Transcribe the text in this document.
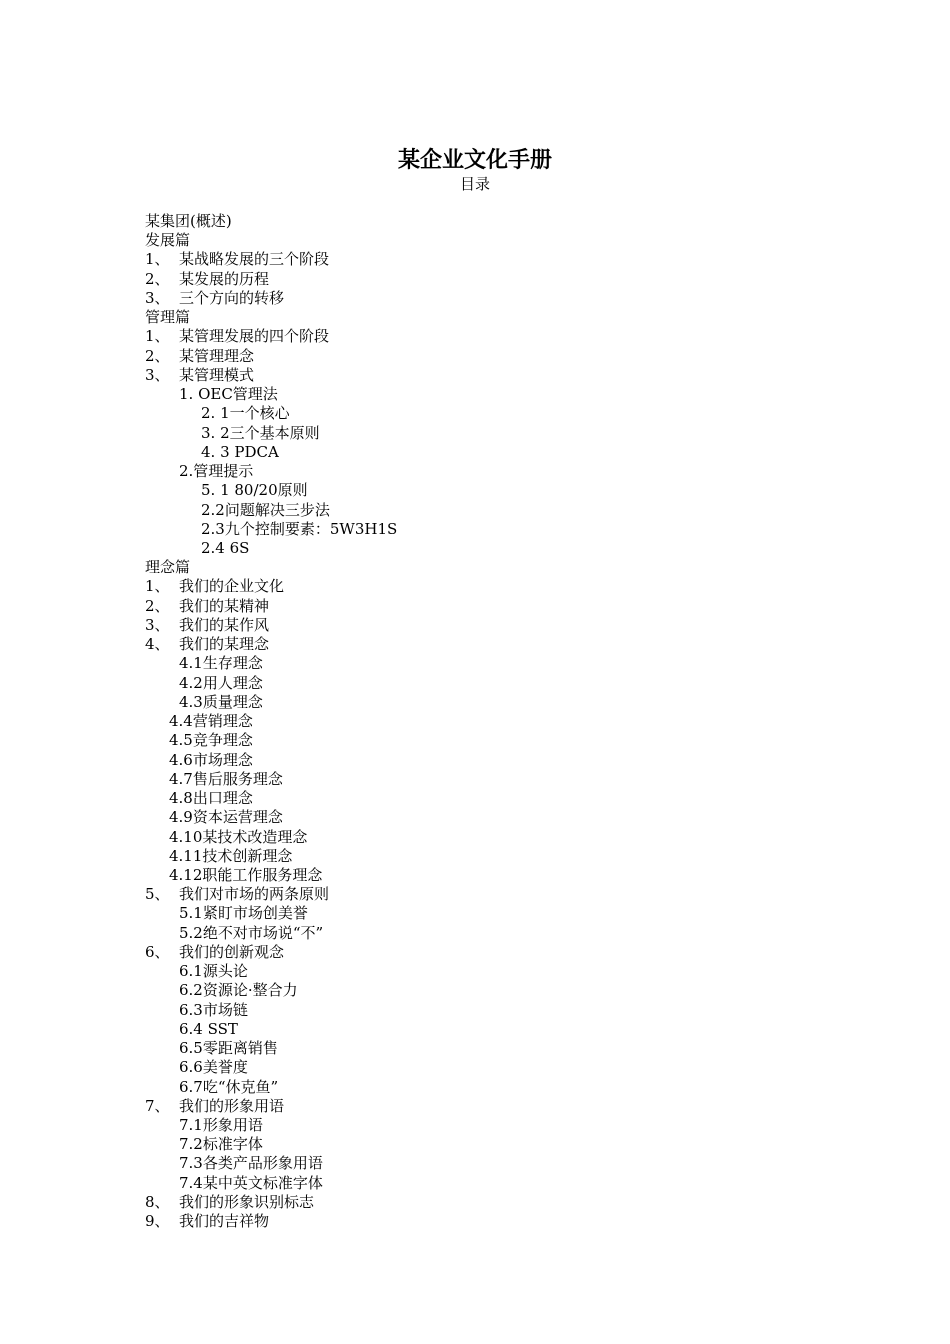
某企业文化手册
目录
某集团(概述)
发展篇
1、 某战略发展的三个阶段
2、 某发展的历程
3、 三个方向的转移
管理篇
1、 某管理发展的四个阶段
2、 某管理理念
3、 某管理模式
1. OEC管理法
2. 1一个核心
3. 2三个基本原则
4. 3 PDCA
2.管理提示
5. 1 80/20原则
2.2问题解决三步法
2.3九个控制要素：5W3H1S
2.4 6S
理念篇
1、 我们的企业文化
2、 我们的某精神
3、 我们的某作风
4、 我们的某理念
4.1生存理念
4.2用人理念
4.3质量理念
4.4营销理念
4.5竞争理念
4.6市场理念
4.7售后服务理念
4.8出口理念
4.9资本运营理念
4.10某技术改造理念
4.11技术创新理念
4.12职能工作服务理念
5、 我们对市场的两条原则
5.1紧盯市场创美誉
5.2绝不对市场说“不”
6、 我们的创新观念
6.1源头论
6.2资源论·整合力
6.3市场链
6.4 SST
6.5零距离销售
6.6美誉度
6.7吃“休克鱼”
7、 我们的形象用语
7.1形象用语
7.2标准字体
7.3各类产品形象用语
7.4某中英文标准字体
8、 我们的形象识别标志
9、 我们的吉祥物
